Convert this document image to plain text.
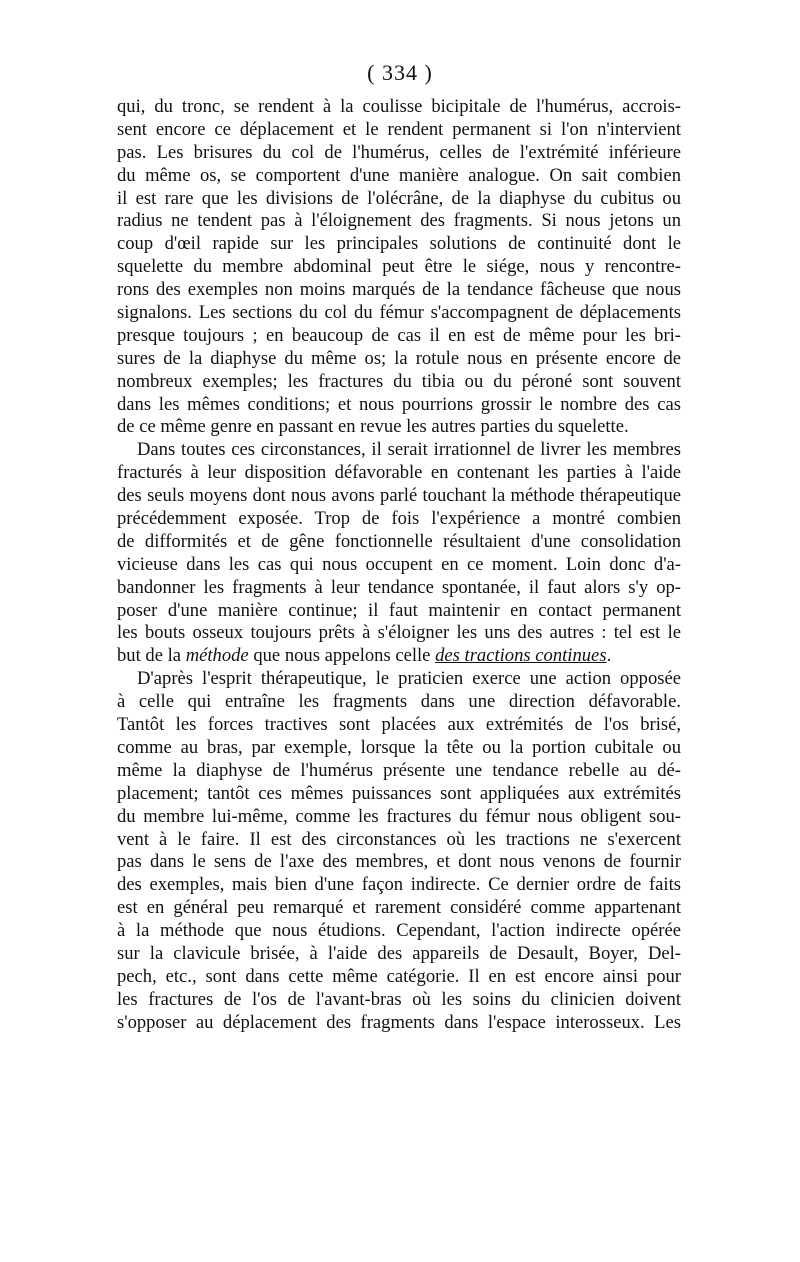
( 334 )
qui, du tronc, se rendent à la coulisse bicipitale de l'humérus, accrois-
sent encore ce déplacement et le rendent permanent si l'on n'intervient
pas. Les brisures du col de l'humérus, celles de l'extrémité inférieure
du même os, se comportent d'une manière analogue. On sait combien
il est rare que les divisions de l'olécrâne, de la diaphyse du cubitus ou
radius ne tendent pas à l'éloignement des fragments. Si nous jetons un
coup d'œil rapide sur les principales solutions de continuité dont le
squelette du membre abdominal peut être le siége, nous y rencontre-
rons des exemples non moins marqués de la tendance fâcheuse que nous
signalons. Les sections du col du fémur s'accompagnent de déplacements
presque toujours ; en beaucoup de cas il en est de même pour les bri-
sures de la diaphyse du même os; la rotule nous en présente encore de
nombreux exemples; les fractures du tibia ou du péroné sont souvent
dans les mêmes conditions; et nous pourrions grossir le nombre des cas
de ce même genre en passant en revue les autres parties du squelette.
Dans toutes ces circonstances, il serait irrationnel de livrer les membres
fracturés à leur disposition défavorable en contenant les parties à l'aide
des seuls moyens dont nous avons parlé touchant la méthode thérapeutique
précédemment exposée. Trop de fois l'expérience a montré combien
de difformités et de gêne fonctionnelle résultaient d'une consolidation
vicieuse dans les cas qui nous occupent en ce moment. Loin donc d'a-
bandonner les fragments à leur tendance spontanée, il faut alors s'y op-
poser d'une manière continue; il faut maintenir en contact permanent
les bouts osseux toujours prêts à s'éloigner les uns des autres : tel est le
but de la méthode que nous appelons celle des tractions continues.
D'après l'esprit thérapeutique, le praticien exerce une action opposée
à celle qui entraîne les fragments dans une direction défavorable.
Tantôt les forces tractives sont placées aux extrémités de l'os brisé,
comme au bras, par exemple, lorsque la tête ou la portion cubitale ou
même la diaphyse de l'humérus présente une tendance rebelle au dé-
placement; tantôt ces mêmes puissances sont appliquées aux extrémités
du membre lui-même, comme les fractures du fémur nous obligent sou-
vent à le faire. Il est des circonstances où les tractions ne s'exercent
pas dans le sens de l'axe des membres, et dont nous venons de fournir
des exemples, mais bien d'une façon indirecte. Ce dernier ordre de faits
est en général peu remarqué et rarement considéré comme appartenant
à la méthode que nous étudions. Cependant, l'action indirecte opérée
sur la clavicule brisée, à l'aide des appareils de Desault, Boyer, Del-
pech, etc., sont dans cette même catégorie. Il en est encore ainsi pour
les fractures de l'os de l'avant-bras où les soins du clinicien doivent
s'opposer au déplacement des fragments dans l'espace interosseux. Les
